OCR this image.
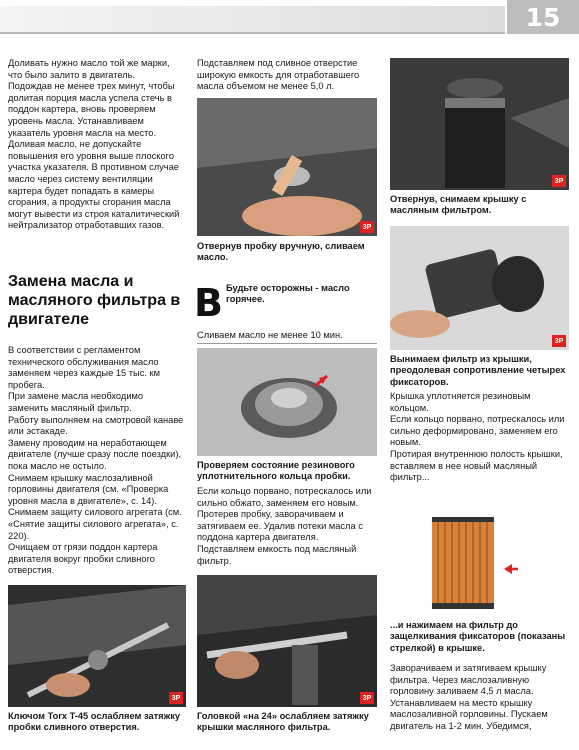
15

Доливать нужно масло той же марки, что было залито в двигатель.

Подождав не менее трех минут, чтобы долитая порция масла успела стечь в поддон картера, вновь проверяем уровень масла. Устанавливаем указатель уровня масла на место.

Доливая масло, не допускайте повышения его уровня выше плоского участка указателя. В противном случае масло через систему вентиляции картера будет попадать в камеры сгорания, а продукты сгорания масла могут вывести из строя каталитический нейтрализатор отработавших газов.

Замена масла и масляного фильтра в двигателе

В соответствии с регламентом технического обслуживания масло заменяем через каждые 15 тыс. км пробега.

При замене масла необходимо заменить масляный фильтр.

Работу выполняем на смотровой канаве или эстакаде.

Замену проводим на неработающем двигателе (лучше сразу после поездки), пока масло не остыло.

Снимаем крышку маслозаливной горловины двигателя (см. «Проверка уровня масла в двигателе», с. 14).

Снимаем защиту силового агрегата (см. «Снятие защиты силового агрегата», с. 220).

Очищаем от грязи поддон картера двигателя вокруг пробки сливного отверстия.

3P
Ключом Torx T-45 ослабляем затяжку пробки сливного отверстия.
Подставляем под сливное отверстие широкую емкость для отработавшего масла объемом не менее 5,0 л.
3P
Отвернув пробку вручную, сливаем масло.
В Будьте осторожны - масло горячее.
Сливаем масло не менее 10 мин.
Проверяем состояние резинового уплотнительного кольца пробки.

Если кольцо порвано, потрескалось или сильно обжато, заменяем его новым.

Протерев пробку, заворачиваем и затягиваем ее. Удалив потеки масла с поддона картера двигателя. Подставляем емкость под масляный фильтр.

3P
Головкой «на 24» ослабляем затяжку крышки масляного фильтра.
3P
Отвернув, снимаем крышку с масляным фильтром.
3P
Вынимаем фильтр из крышки, преодолевая сопротивление четырех фиксаторов.

Крышка уплотняется резиновым кольцом.

Если кольцо порвано, потрескалось или сильно деформировано, заменяем его новым.

Протирая внутреннюю полость крышки, вставляем в нее новый масляный фильтр...

...и нажимаем на фильтр до защелкивания фиксаторов (показаны стрелкой) в крышке.

Заворачиваем и затягиваем крышку фильтра. Через маслозаливную горловину заливаем 4,5 л масла. Устанавливаем на место крышку маслозаливной горловины. Пускаем двигатель на 1-2 мин. Убедимся,
